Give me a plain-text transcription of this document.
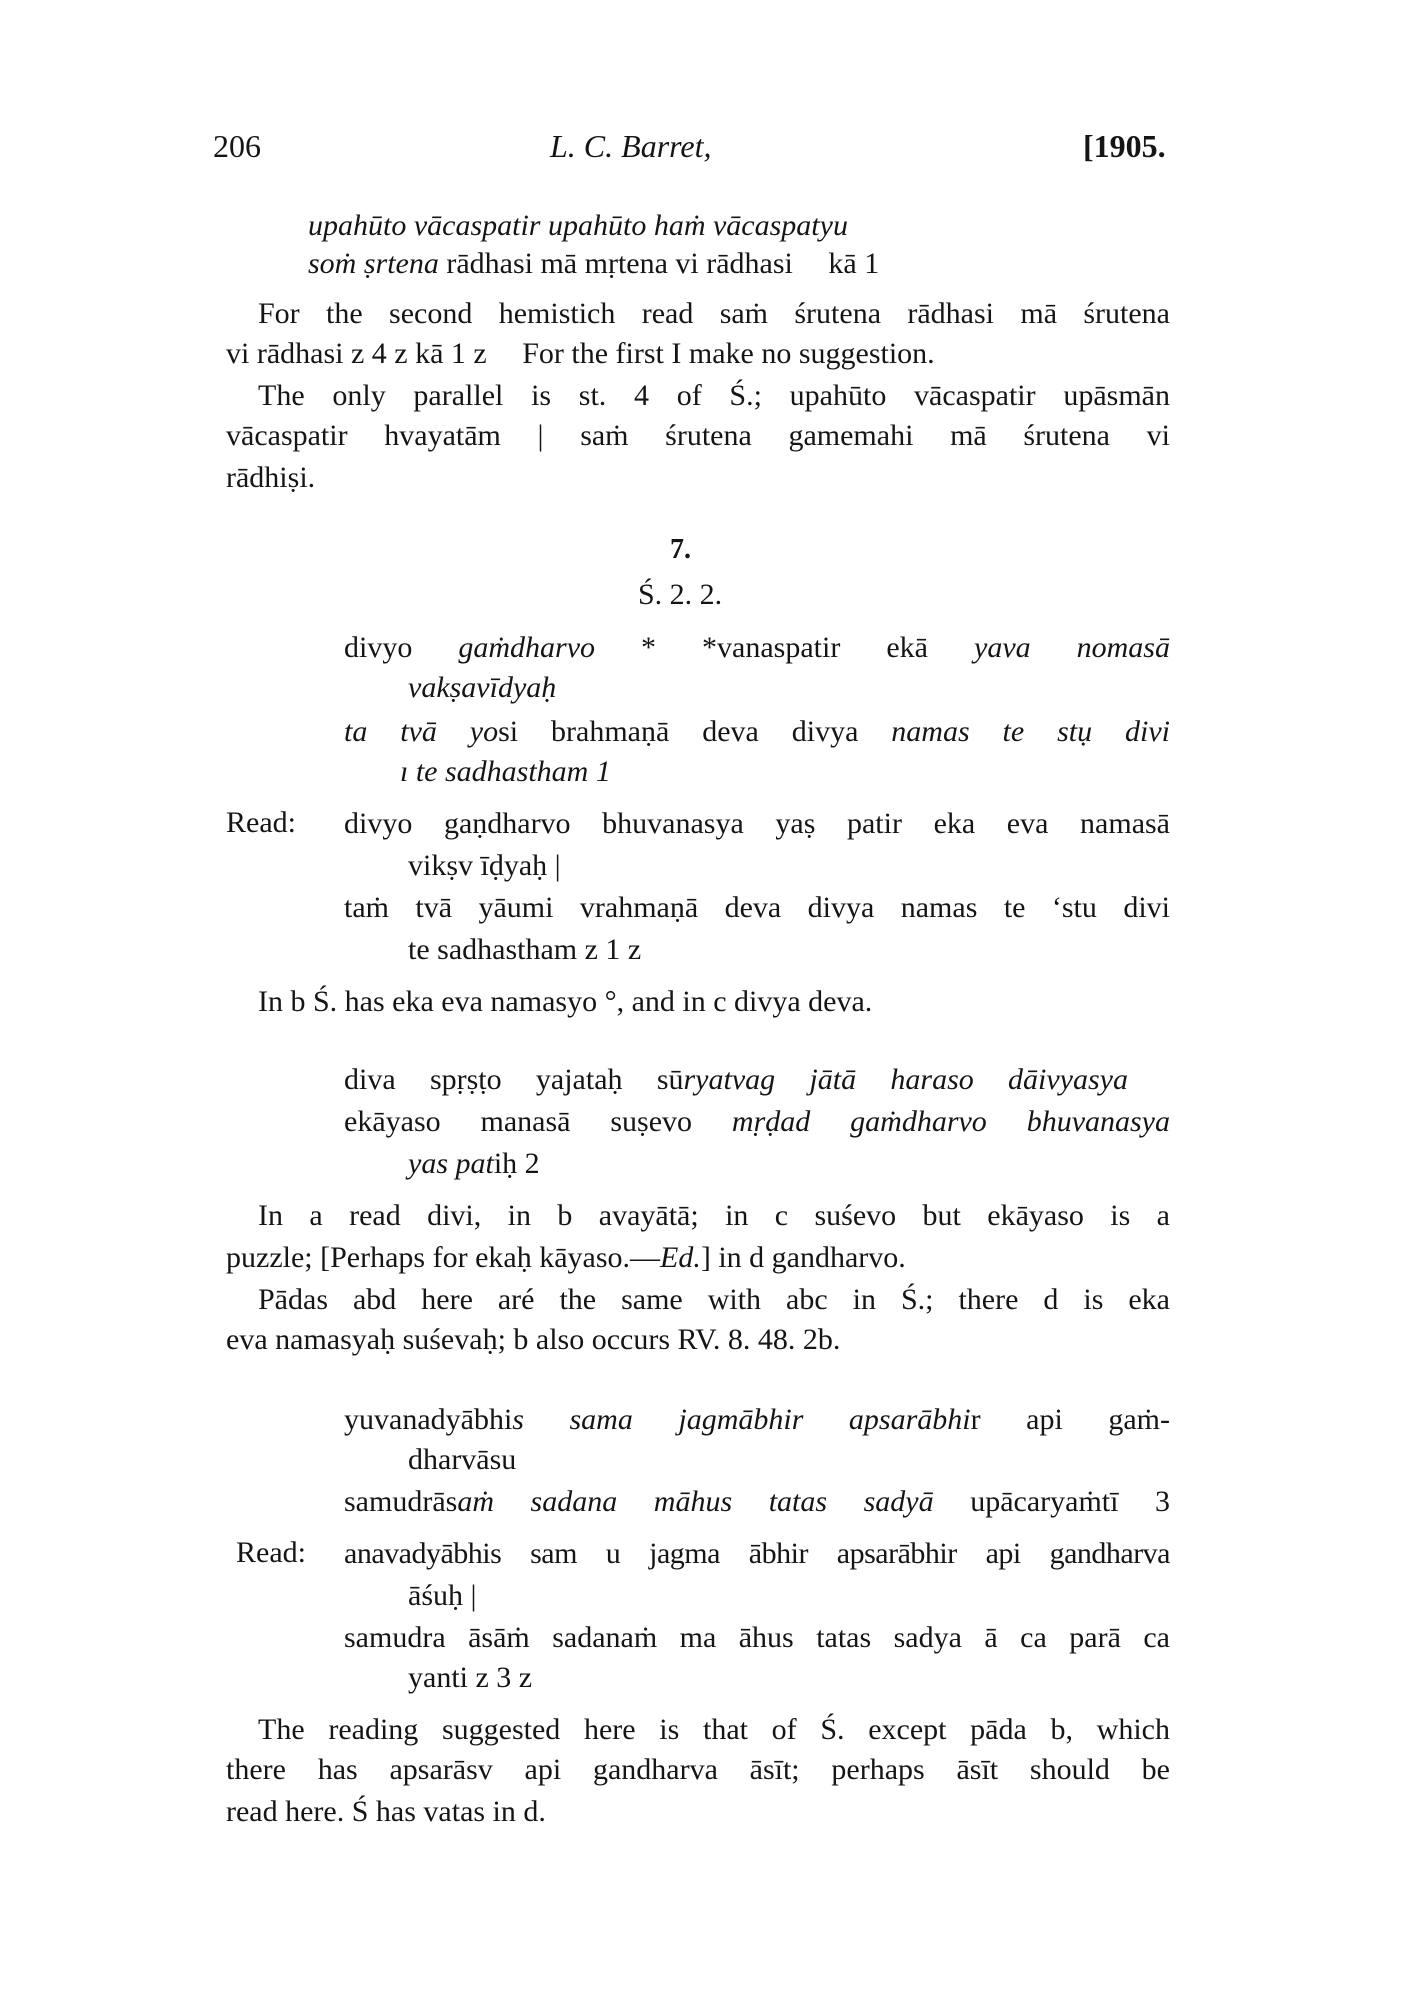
206	L. C. Barret,	[1905.
upahūto vācaspatir upahūto haṁ vācaspatyu
soṁ ṣrtena rādhasi mā mṛtena vi rādhasi kā 1
For the second hemistich read saṁ śrutena rādhasi mā śrutena
vi rādhasi z 4 z kā 1 z For the first I make no suggestion.
The only parallel is st. 4 of Ś.; upahūto vācaspatir upāsmān
vācaspatir hvayatām | saṁ śrutena gamemahi mā śrutena vi
rādhiṣi.
7.
Ś. 2. 2.
divyo gaṁdharvo * *vanaspatir ekā yava nomasā
vakṣavīdyaḥ
ta tvā yosi brahmaṇā deva divya namas te stụ divi
ı te sadhastham 1
Read: divyo gaṇdharvo bhuvanasya yaṣ patir eka eva namasā
vikṣv īḍyaḥ |
taṁ tvā yāumi vrahmaṇā deva divya namas te ‘stu divi
te sadhastham z 1 z
In b Ś. has eka eva namasyo °, and in c divya deva.
diva spṛṣṭo yajataḥ sūryatvag jātā haraso dāivyasya
ekāyaso manasā suṣevo mṛḍad gaṁdharvo bhuvanasya
yas patiḥ 2
In a read divi, in b avayātā; in c suśevo but ekāyaso is a
puzzle; [Perhaps for ekaḥ kāyaso.—Ed.] in d gandharvo.
Pādas abd here aré the same with abc in Ś.; there d is eka
eva namasyaḥ suśevaḥ; b also occurs RV. 8. 48. 2b.
yuvanadyābhis sama jagmābhir apsarābhir api gaṁ-
dharvāsu
samudrāsaṁ sadana māhus tatas sadyā upācaryaṁtī 3
Read: anavadyābhis sam u jagma ābhir apsarābhir api gandharva
āśuḥ |
samudra āsāṁ sadanaṁ ma āhus tatas sadya ā ca parā ca
yanti z 3 z
The reading suggested here is that of Ś. except pāda b, which
there has apsarāsv api gandharva āsīt; perhaps āsīt should be
read here. Ś has vatas in d.
